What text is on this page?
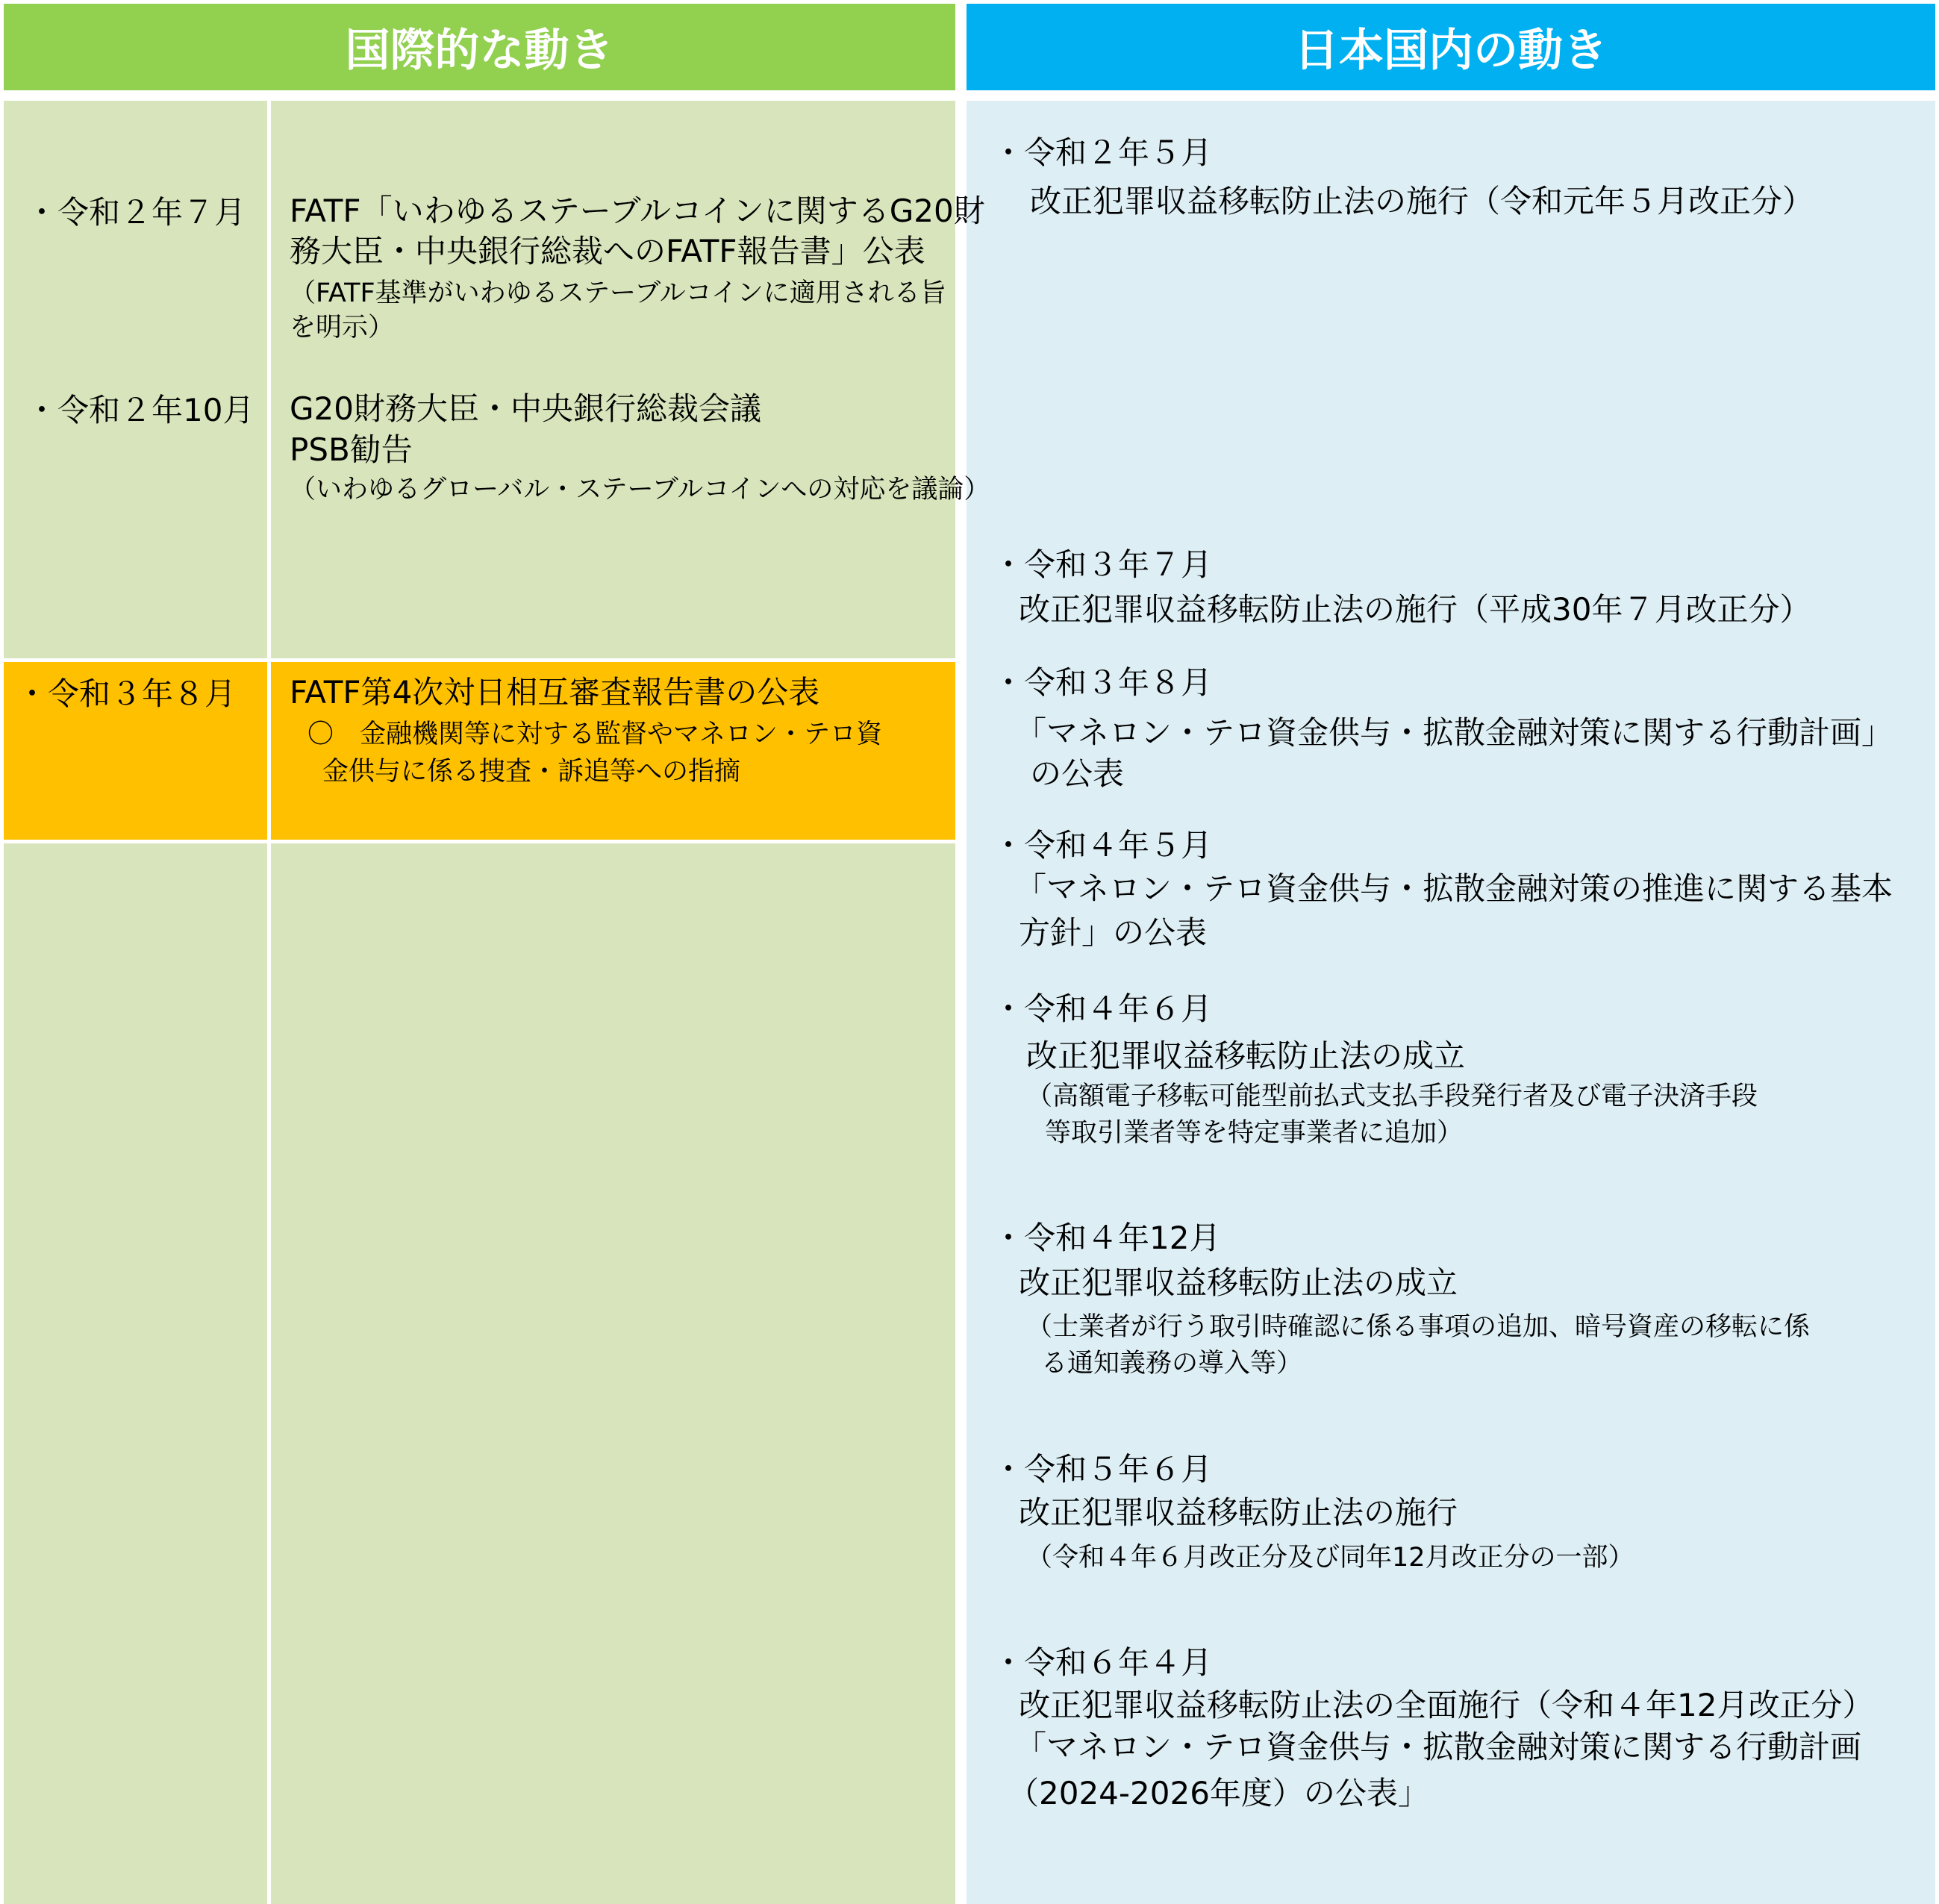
国際的な動き	日本国内の動き
・令和２年７月 FATF「いわゆるステーブルコインに関するG20財
務大臣・中央銀行総裁へのFATF報告書」公表
（FATF基準がいわゆるステーブルコインに適用される旨
を明示）
・令和２年10月 G20財務大臣・中央銀行総裁会議
PSB勧告
（いわゆるグローバル・ステーブルコインへの対応を議論）
・令和３年８月 FATF第4次対日相互審査報告書の公表
〇　金融機関等に対する監督やマネロン・テロ資
金供与に係る捜査・訴追等への指摘
・令和２年５月
改正犯罪収益移転防止法の施行（令和元年５月改正分）
・令和３年７月
改正犯罪収益移転防止法の施行（平成30年７月改正分）
・令和３年８月
「マネロン・テロ資金供与・拡散金融対策に関する行動計画」
の公表
・令和４年５月
「マネロン・テロ資金供与・拡散金融対策の推進に関する基本
方針」の公表
・令和４年６月
改正犯罪収益移転防止法の成立
（高額電子移転可能型前払式支払手段発行者及び電子決済手段
等取引業者等を特定事業者に追加）
・令和４年12月
改正犯罪収益移転防止法の成立
（士業者が行う取引時確認に係る事項の追加、暗号資産の移転に係
る通知義務の導入等）
・令和５年６月
改正犯罪収益移転防止法の施行
（令和４年６月改正分及び同年12月改正分の一部）
・令和６年４月
改正犯罪収益移転防止法の全面施行（令和４年12月改正分）
「マネロン・テロ資金供与・拡散金融対策に関する行動計画
（2024-2026年度）の公表」
